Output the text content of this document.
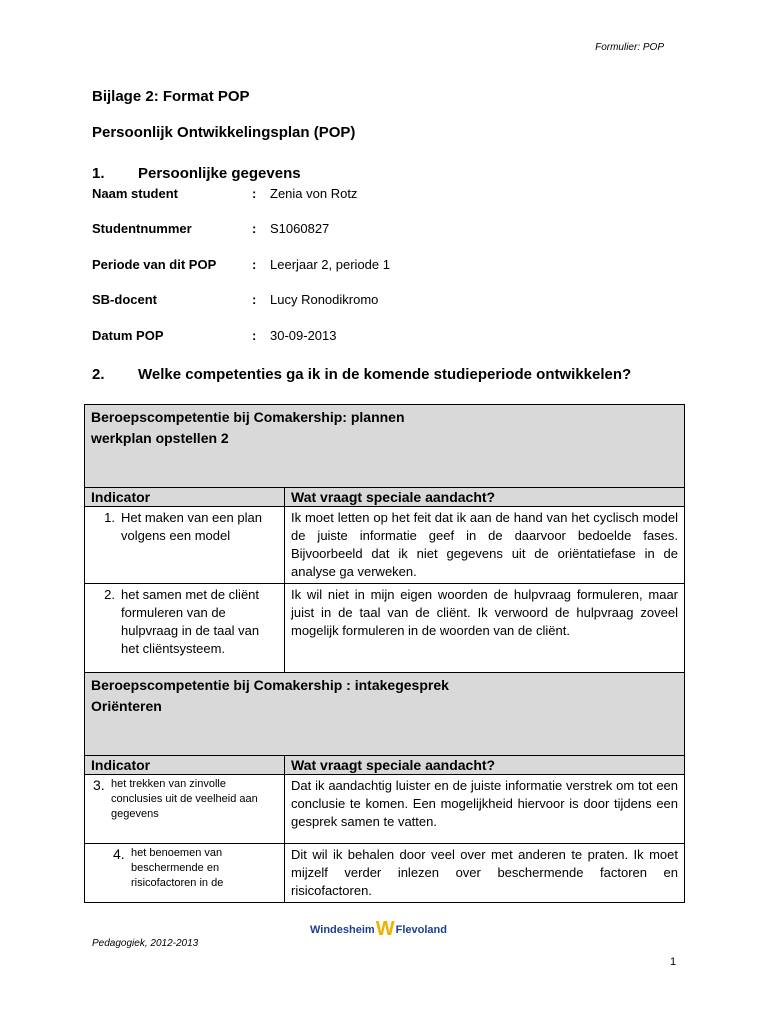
Formulier: POP
Bijlage 2: Format POP
Persoonlijk Ontwikkelingsplan (POP)
1. Persoonlijke gegevens
Naam student	: Zenia von Rotz
Studentnummer	: S1060827
Periode van dit POP	: Leerjaar 2, periode 1
SB-docent	: Lucy Ronodikromo
Datum POP	: 30-09-2013
2. Welke competenties ga ik in de komende studieperiode ontwikkelen?
Beroepscompetentie bij Comakership: plannen
werkplan opstellen 2	

Indicator	Wat vraagt speciale aandacht?

1. Het maken van een plan volgens een model	Ik moet letten op het feit dat ik aan de hand van het cyclisch model de juiste informatie geef in de daarvoor bedoelde fases. Bijvoorbeeld dat ik niet gegevens uit de oriëntatiefase in de analyse ga verweken.

2. het samen met de cliënt formuleren van de hulpvraag in de taal van het cliëntsysteem.	Ik wil niet in mijn eigen woorden de hulpvraag formuleren, maar juist in de taal van de cliënt. Ik verwoord de hulpvraag zoveel mogelijk formuleren in de woorden van de cliënt.

Beroepscompetentie bij Comakership : intakegesprek
Oriënteren	

Indicator	Wat vraagt speciale aandacht?

3. het trekken van zinvolle conclusies uit de veelheid aan gegevens	Dat ik aandachtig luister en de juiste informatie verstrek om tot een conclusie te komen. Een mogelijkheid hiervoor is door tijdens een gesprek samen te vatten.

4. het benoemen van beschermende en risicofactoren in de	Dit wil ik behalen door veel over met anderen te praten. Ik moet mijzelf verder inlezen over beschermende factoren en risicofactoren.
Pedagogiek, 2012-2013
WindesheimWFlevoland
1
